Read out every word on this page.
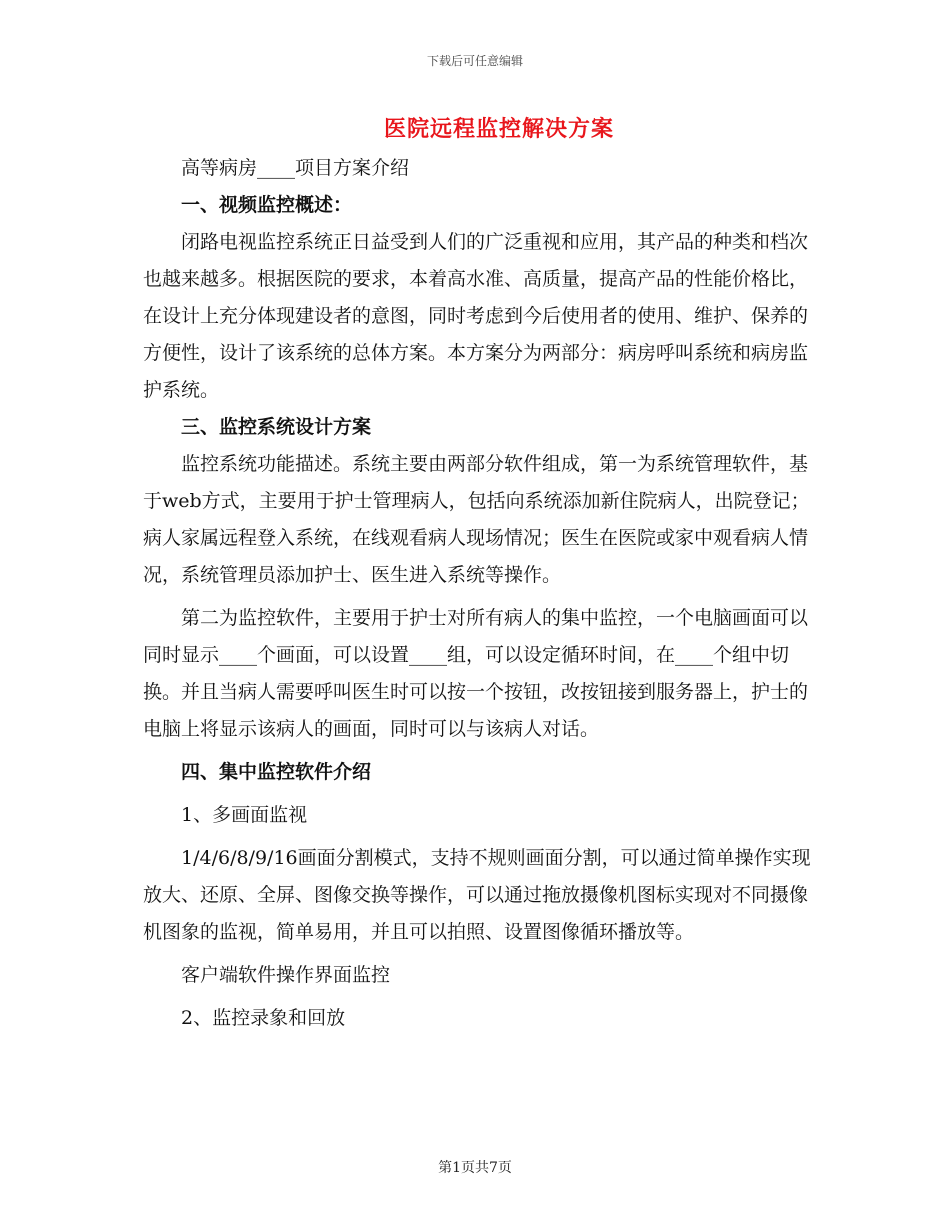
下载后可任意编辑
医院远程监控解决方案

高等病房____项目方案介绍

一、视频监控概述：

闭路电视监控系统正日益受到人们的广泛重视和应用，其产品的种类和档次也越来越多。根据医院的要求，本着高水准、高质量，提高产品的性能价格比，在设计上充分体现建设者的意图，同时考虑到今后使用者的使用、维护、保养的方便性，设计了该系统的总体方案。本方案分为两部分：病房呼叫系统和病房监护系统。

三、监控系统设计方案

监控系统功能描述。系统主要由两部分软件组成，第一为系统管理软件，基于web方式，主要用于护士管理病人，包括向系统添加新住院病人，出院登记；病人家属远程登入系统，在线观看病人现场情况；医生在医院或家中观看病人情况，系统管理员添加护士、医生进入系统等操作。

第二为监控软件，主要用于护士对所有病人的集中监控，一个电脑画面可以同时显示____个画面，可以设置____组，可以设定循环时间，在____个组中切换。并且当病人需要呼叫医生时可以按一个按钮，改按钮接到服务器上，护士的电脑上将显示该病人的画面，同时可以与该病人对话。

四、集中监控软件介绍

1、多画面监视

1/4/6/8/9/16画面分割模式，支持不规则画面分割，可以通过简单操作实现放大、还原、全屏、图像交换等操作，可以通过拖放摄像机图标实现对不同摄像机图象的监视，简单易用，并且可以拍照、设置图像循环播放等。

客户端软件操作界面监控

2、监控录象和回放

第1页共7页
